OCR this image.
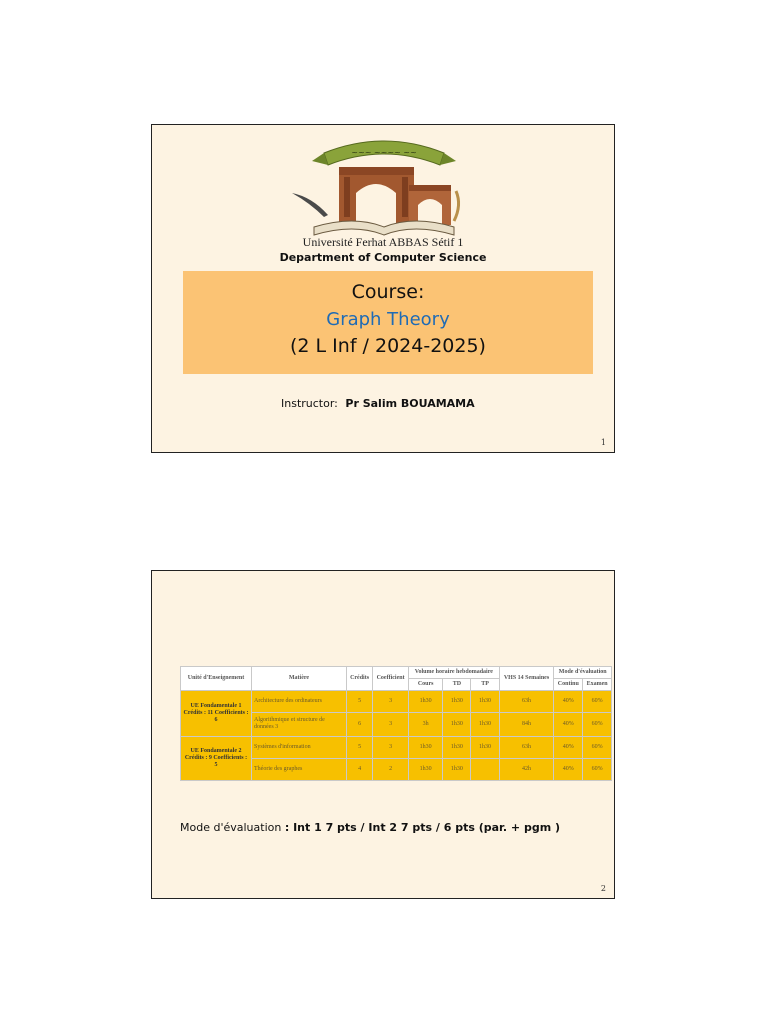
~~~ ~~~~ ~~
Université Ferhat ABBAS Sétif 1
Department of Computer Science
Course:
Graph Theory
(2 L Inf / 2024-2025)
Instructor: Pr Salim BOUAMAMA
1
Unité d'Enseignement	Matière	Crédits	Coefficient	Volume horaire hebdomadaire			VHS 14 Semaines	Mode d'évaluation	
				Cours	TD	TP		Continu	Examen
UE Fondamentale 1 Crédits : 11 Coefficients : 6	Architecture des ordinateurs	5	3	1h30	1h30	1h30	63h	40%	60%
	Algorithmique et structure de données 3	6	3	3h	1h30	1h30	84h	40%	60%
UE Fondamentale 2 Crédits : 9 Coefficients : 5	Systèmes d'information	5	3	1h30	1h30	1h30	63h	40%	60%
	Théorie des graphes	4	2	1h30	1h30		42h	40%	60%
Mode d'évaluation : Int 1 7 pts / Int 2 7 pts / 6 pts (par. + pgm )
2
